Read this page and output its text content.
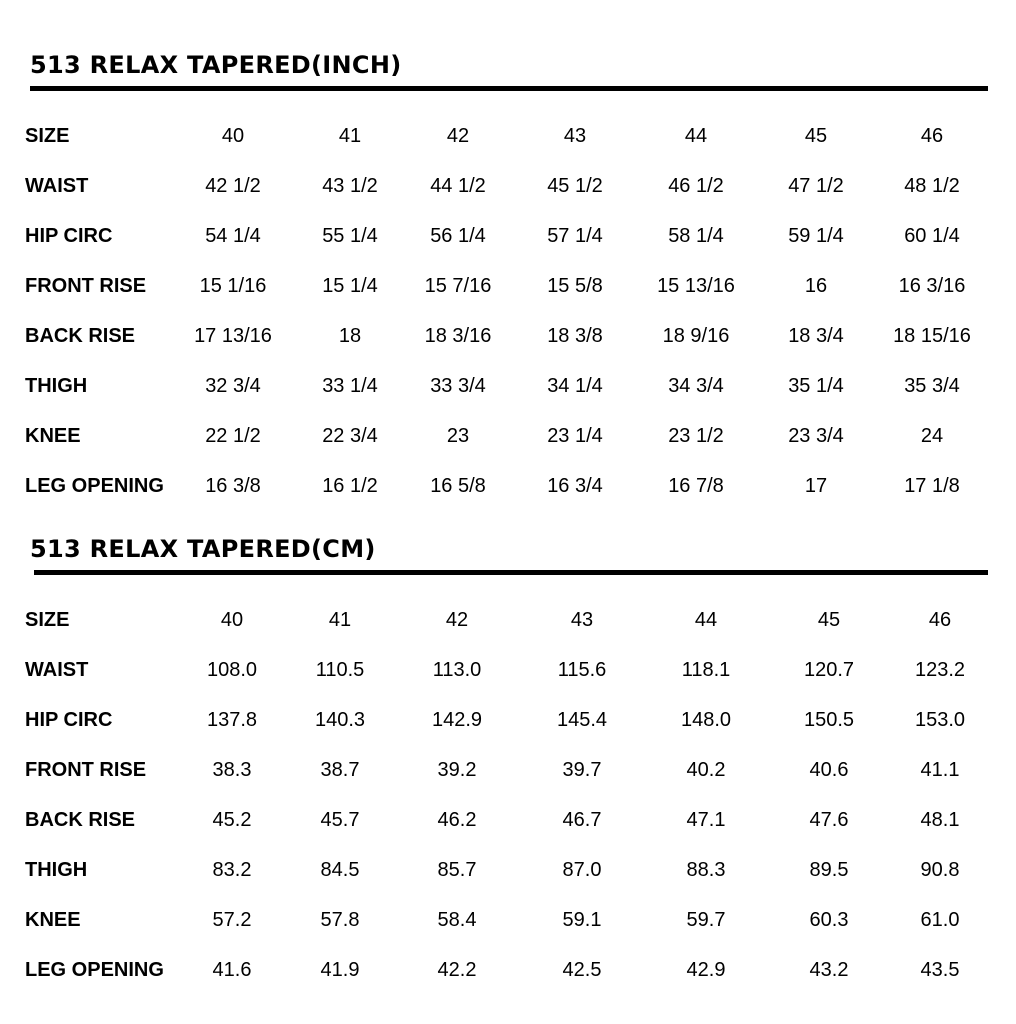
513 RELAX TAPERED(INCH)
SIZE	40	41	42	43	44	45	46
WAIST	42 1/2	43 1/2	44 1/2	45 1/2	46 1/2	47 1/2	48 1/2
HIP CIRC	54 1/4	55 1/4	56 1/4	57 1/4	58 1/4	59 1/4	60 1/4
FRONT RISE	15 1/16	15 1/4	15 7/16	15 5/8	15 13/16	16	16 3/16
BACK RISE	17 13/16	18	18 3/16	18 3/8	18 9/16	18 3/4	18 15/16
THIGH	32 3/4	33 1/4	33 3/4	34 1/4	34 3/4	35 1/4	35 3/4
KNEE	22 1/2	22 3/4	23	23 1/4	23 1/2	23 3/4	24
LEG OPENING	16 3/8	16 1/2	16 5/8	16 3/4	16 7/8	17	17 1/8
513 RELAX TAPERED(CM)
SIZE	40	41	42	43	44	45	46
WAIST	108.0	110.5	113.0	115.6	118.1	120.7	123.2
HIP CIRC	137.8	140.3	142.9	145.4	148.0	150.5	153.0
FRONT RISE	38.3	38.7	39.2	39.7	40.2	40.6	41.1
BACK RISE	45.2	45.7	46.2	46.7	47.1	47.6	48.1
THIGH	83.2	84.5	85.7	87.0	88.3	89.5	90.8
KNEE	57.2	57.8	58.4	59.1	59.7	60.3	61.0
LEG OPENING	41.6	41.9	42.2	42.5	42.9	43.2	43.5
